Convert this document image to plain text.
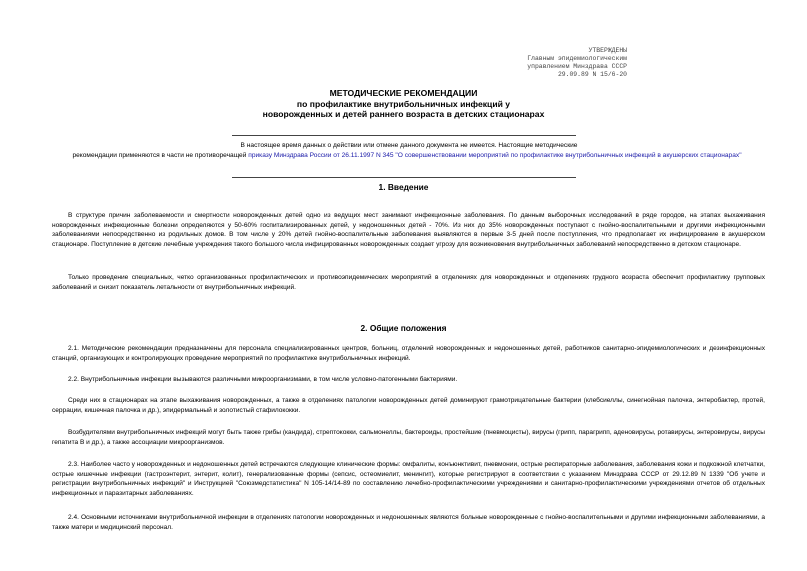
УТВЕРЖДЕНЫ
Главным эпидемиологическим
управлением Минздрава СССР
29.09.89 N 15/6-20
МЕТОДИЧЕСКИЕ РЕКОМЕНДАЦИИ
по профилактике внутрибольничных инфекций у
новорожденных и детей раннего возраста в детских стационарах
В настоящее время данных о действии или отмене данного документа не имеется. Настоящие методические
рекомендации применяются в части не противоречащей приказу Минздрава России от 26.11.1997 N 345 "О совершенствовании мероприятий по профилактике внутрибольничных инфекций в акушерских стационарах"
1. Введение

В структуре причин заболеваемости и смертности новорожденных детей одно из ведущих мест занимают инфекционные заболевания. По данным выборочных исследований в ряде городов, на этапах выхаживания новорожденных инфекционные болезни определяются у 50-60% госпитализированных детей, у недоношенных детей - 70%. Из них до 35% новорожденных поступают с гнойно-воспалительными и другими инфекционными заболеваниями непосредственно из родильных домов. В том числе у 20% детей гнойно-воспалительные заболевания выявляются в первые 3-5 дней после поступления, что предполагает их инфицирование в акушерском стационаре. Поступление в детские лечебные учреждения такого большого числа инфицированных новорожденных создает угрозу для возникновения внутрибольничных заболеваний непосредственно в детском стационаре.

Только проведение специальных, четко организованных профилактических и противоэпидемических мероприятий в отделениях для новорожденных и отделениях грудного возраста обеспечит профилактику групповых заболеваний и снизит показатель летальности от внутрибольничных инфекций.

2. Общие положения

2.1. Методические рекомендации предназначены для персонала специализированных центров, больниц, отделений новорожденных и недоношенных детей, работников санитарно-эпидемиологических и дезинфекционных станций, организующих и контролирующих проведение мероприятий по профилактике внутрибольничных инфекций.

2.2. Внутрибольничные инфекции вызываются различными микроорганизмами, в том числе условно-патогенными бактериями.

Среди них в стационарах на этапе выхаживания новорожденных, а также в отделениях патологии новорожденных детей доминируют грамотрицательные бактерии (клебсиеллы, синегнойная палочка, энтеробактер, протей, серрации, кишечная палочка и др.), эпидермальный и золотистый стафилококки.

Возбудителями внутрибольничных инфекций могут быть также грибы (кандида), стрептококки, сальмонеллы, бактероиды, простейшие (пневмоцисты), вирусы (грипп, парагрипп, аденовирусы, ротавирусы, энтеровирусы, вирусы гепатита В и др.), а также ассоциации микроорганизмов.

2.3. Наиболее часто у новорожденных и недоношенных детей встречаются следующие клинические формы: омфалиты, конъюнктивит, пневмонии, острые респираторные заболевания, заболевания кожи и подкожной клетчатки, острые кишечные инфекции (гастроэнтерит, энтерит, колит), генерализованные формы (сепсис, остеомиелит, менингит), которые регистрируют в соответствии с указанием Минздрава СССР от 29.12.89 N 1339 "Об учете и регистрации внутрибольничных инфекций" и Инструкцией "Союзмедстатистика" N 105-14/14-89 по составлению лечебно-профилактическими учреждениями и санитарно-профилактическими учреждениями отчетов об отдельных инфекционных и паразитарных заболеваниях.

2.4. Основными источниками внутрибольничной инфекции в отделениях патологии новорожденных и недоношенных являются больные новорожденные с гнойно-воспалительными и другими инфекционными заболеваниями, а также матери и медицинский персонал.
